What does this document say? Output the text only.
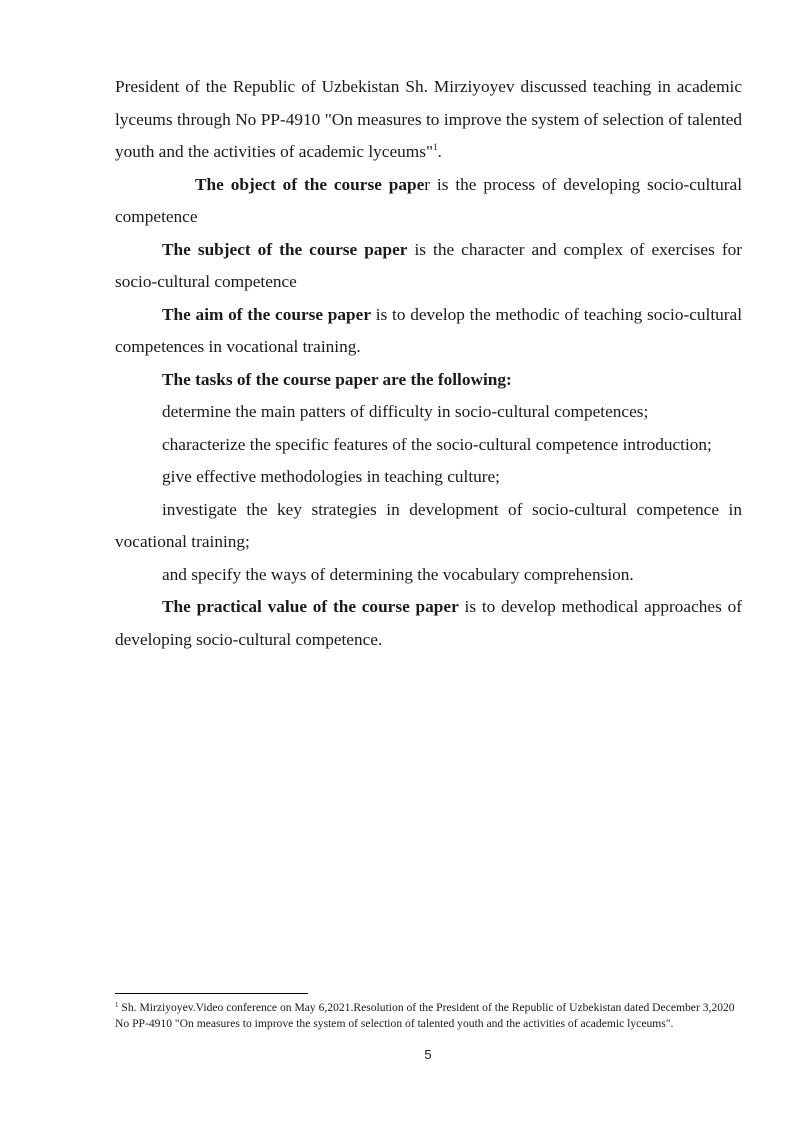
President of the Republic of Uzbekistan Sh. Mirziyoyev discussed teaching in academic lyceums through No PP-4910 "On measures to improve the system of selection of talented youth and the activities of academic lyceums"$^1$.

The object of the course paper is the process of developing socio-cultural competence

The subject of the course paper is the character and complex of exercises for socio-cultural competence

The aim of the course paper is to develop the methodic of teaching socio-cultural competences in vocational training.

The tasks of the course paper are the following:

determine the main patters of difficulty in socio-cultural competences;

characterize the specific features of the socio-cultural competence introduction;

give effective methodologies in teaching culture;

investigate the key strategies in development of socio-cultural competence in vocational training;

and specify the ways of determining the vocabulary comprehension.

The practical value of the course paper is to develop methodical approaches of developing socio-cultural competence.

$^1$ Sh. Mirziyoyev.Video conference on May 6,2021.Resolution of the President of the Republic of Uzbekistan dated December 3,2020 No PP-4910 "On measures to improve the system of selection of talented youth and the activities of academic lyceums".

5
